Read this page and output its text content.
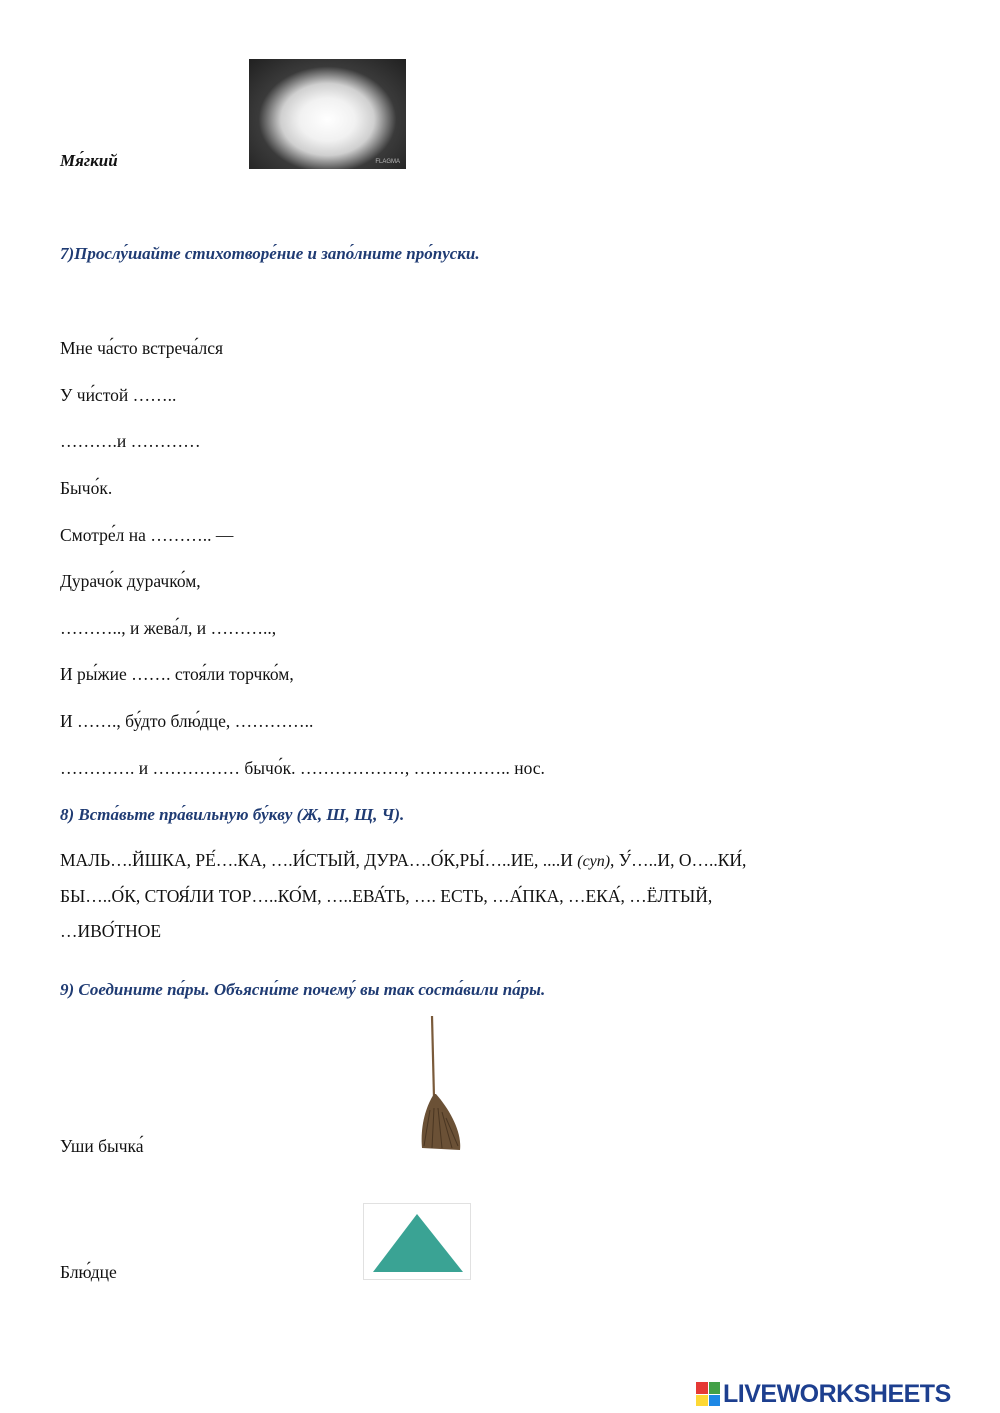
FLAGMA
Мя́гкий
7)Прослу́шайте стихотворе́ние и запо́лните про́пуски.
Мне ча́сто встреча́лся
У чи́стой ……..
……….и …………
Бычо́к.
Смотре́л на ……….. —
Дурачо́к дурачко́м,
……….., и жева́л, и ………..,
И ры́жие ……. стоя́ли торчко́м,
И ……., бу́дто блю́дце, …………..
…………. и …………… бычо́к. ………………, …………….. нос.
8) Вста́вьте пра́вильную бу́кву (Ж, Ш, Щ, Ч).
МАЛЬ….ЙШКА, РЕ́….КА, ….И́СТЫЙ, ДУРА….О́К,РЫ́…..ИЕ, ....И (суп), У́…..И, О…..КИ́,
БЫ…..О́К, СТОЯ́ЛИ ТОР…..КО́М, …..ЕВА́ТЬ, …. ЕСТЬ, …А́ПКА, …ЕКА́, …ЁЛТЫЙ,
…ИВО́ТНОЕ
9) Соедините па́ры. Объясни́те почему́ вы так соста́вили па́ры.
Уши бычка́
Блю́дце
LIVEWORKSHEETS
